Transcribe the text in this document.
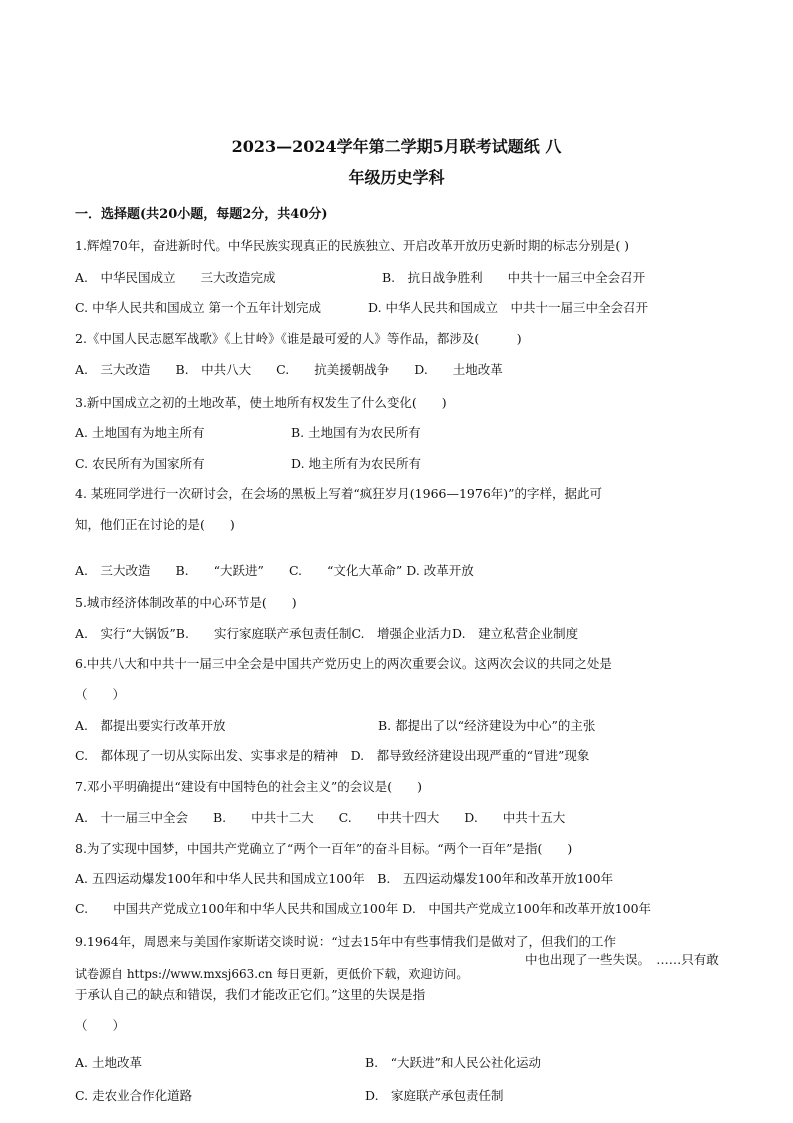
2023—2024学年第二学期5月联考试题纸 八
年级历史学科
一．选择题(共20小题，每题2分，共40分)
1.辉煌70年，奋进新时代。中华民族实现真正的民族独立、开启改革开放历史新时期的标志分别是( )
A.　中华民国成立　　三大改造完成	B.　抗日战争胜利　　中共十一届三中全会召开
C. 中华人民共和国成立 第一个五年计划完成	D. 中华人民共和国成立　中共十一届三中全会召开
2.《中国人民志愿军战歌》《上甘岭》《谁是最可爱的人》等作品，都涉及(　　　)
A.　三大改造　　B.　中共八大　　C.　　抗美援朝战争　　D.　　土地改革
3.新中国成立之初的土地改革，使土地所有权发生了什么变化(　　)
A. 土地国有为地主所有	B. 土地国有为农民所有
C. 农民所有为国家所有	D. 地主所有为农民所有
4. 某班同学进行一次研讨会，在会场的黑板上写着“疯狂岁月(1966—1976年)”的字样，据此可
知，他们正在讨论的是(　　)
A.　三大改造　　B.　　“大跃进”　　C.　　“文化大革命” D. 改革开放
5.城市经济体制改革的中心环节是(　　)
A.　实行“大锅饭”B.　　实行家庭联产承包责任制C.　增强企业活力D.　建立私营企业制度
6.中共八大和中共十一届三中全会是中国共产党历史上的两次重要会议。这两次会议的共同之处是
（　　）
A.　都提出要实行改革开放	B. 都提出了以“经济建设为中心”的主张
C.　都体现了一切从实际出发、实事求是的精神　D.　都导致经济建设出现严重的“冒进”现象
7.邓小平明确提出“建设有中国特色的社会主义”的会议是(　　)
A.　十一届三中全会　　B.　　中共十二大　　C.　　中共十四大　　D.　　中共十五大
8.为了实现中国梦，中国共产党确立了“两个一百年”的奋斗目标。“两个一百年”是指(　　)
A. 五四运动爆发100年和中华人民共和国成立100年　B.　五四运动爆发100年和改革开放100年
C.　　中国共产党成立100年和中华人民共和国成立100年 D.　中国共产党成立100年和改革开放100年
9.1964年，周恩来与美国作家斯诺交谈时说：“过去15年中有些事情我们是做对了，但我们的工作
中也出现了一些失误。　……只有敢
试卷源自 https://www.mxsj663.cn 每日更新，更低价下载，欢迎访问。
于承认自己的缺点和错误，我们才能改正它们。”这里的失误是指
（　　）
A. 土地改革	B.　“大跃进”和人民公社化运动
C. 走农业合作化道路	D.　家庭联产承包责任制
